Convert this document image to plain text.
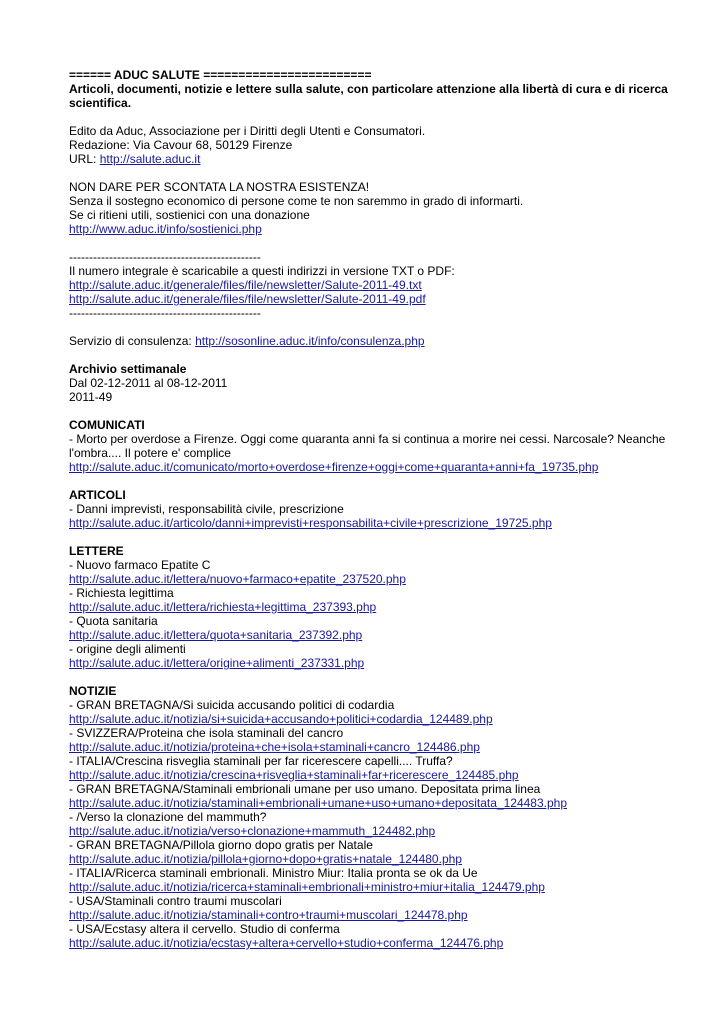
====== ADUC SALUTE ========================
Articoli, documenti, notizie e lettere sulla salute, con particolare attenzione alla libertà di cura e di ricerca scientifica.
Edito da Aduc, Associazione per i Diritti degli Utenti e Consumatori.
Redazione: Via Cavour 68, 50129 Firenze
URL: http://salute.aduc.it
NON DARE PER SCONTATA LA NOSTRA ESISTENZA!
Senza il sostegno economico di persone come te non saremmo in grado di informarti.
Se ci ritieni utili, sostienici con una donazione
http://www.aduc.it/info/sostienici.php
------------------------------------------------
Il numero integrale è scaricabile a questi indirizzi in versione TXT o PDF:
http://salute.aduc.it/generale/files/file/newsletter/Salute-2011-49.txt
http://salute.aduc.it/generale/files/file/newsletter/Salute-2011-49.pdf
------------------------------------------------
Servizio di consulenza: http://sosonline.aduc.it/info/consulenza.php
Archivio settimanale
Dal 02-12-2011 al 08-12-2011
2011-49
COMUNICATI
- Morto per overdose a Firenze. Oggi come quaranta anni fa si continua a morire nei cessi. Narcosale? Neanche l'ombra.... Il potere e' complice
http://salute.aduc.it/comunicato/morto+overdose+firenze+oggi+come+quaranta+anni+fa_19735.php
ARTICOLI
- Danni imprevisti, responsabilità civile, prescrizione
http://salute.aduc.it/articolo/danni+imprevisti+responsabilita+civile+prescrizione_19725.php
LETTERE
- Nuovo farmaco Epatite C
http://salute.aduc.it/lettera/nuovo+farmaco+epatite_237520.php
- Richiesta legittima
http://salute.aduc.it/lettera/richiesta+legittima_237393.php
- Quota sanitaria
http://salute.aduc.it/lettera/quota+sanitaria_237392.php
- origine degli alimenti
http://salute.aduc.it/lettera/origine+alimenti_237331.php
NOTIZIE
- GRAN BRETAGNA/Si suicida accusando politici di codardia
http://salute.aduc.it/notizia/si+suicida+accusando+politici+codardia_124489.php
- SVIZZERA/Proteina che isola staminali del cancro
http://salute.aduc.it/notizia/proteina+che+isola+staminali+cancro_124486.php
- ITALIA/Crescina risveglia staminali per far ricerescere capelli.... Truffa?
http://salute.aduc.it/notizia/crescina+risveglia+staminali+far+ricerescere_124485.php
- GRAN BRETAGNA/Staminali embrionali umane per uso umano. Depositata prima linea
http://salute.aduc.it/notizia/staminali+embrionali+umane+uso+umano+depositata_124483.php
- /Verso la clonazione del mammuth?
http://salute.aduc.it/notizia/verso+clonazione+mammuth_124482.php
- GRAN BRETAGNA/Pillola giorno dopo gratis per Natale
http://salute.aduc.it/notizia/pillola+giorno+dopo+gratis+natale_124480.php
- ITALIA/Ricerca staminali embrionali. Ministro Miur: Italia pronta se ok da Ue
http://salute.aduc.it/notizia/ricerca+staminali+embrionali+ministro+miur+italia_124479.php
- USA/Staminali contro traumi muscolari
http://salute.aduc.it/notizia/staminali+contro+traumi+muscolari_124478.php
- USA/Ecstasy altera il cervello. Studio di conferma
http://salute.aduc.it/notizia/ecstasy+altera+cervello+studio+conferma_124476.php
